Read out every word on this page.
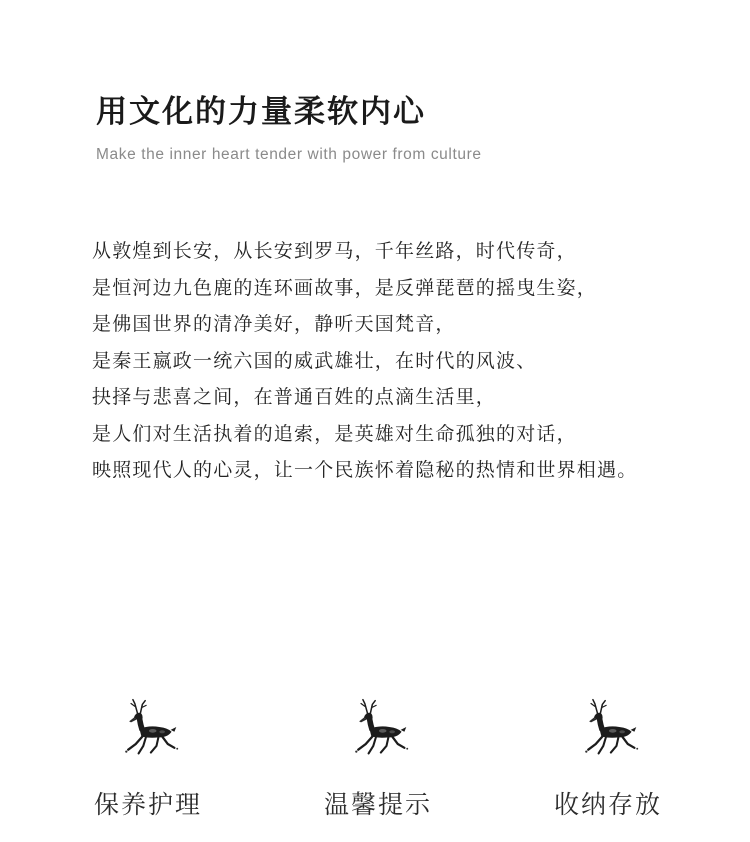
用文化的力量柔软内心
Make the inner heart tender with power from culture
从敦煌到长安，从长安到罗马，千年丝路，时代传奇，
是恒河边九色鹿的连环画故事，是反弹琵琶的摇曳生姿，
是佛国世界的清净美好，静听天国梵音，
是秦王嬴政一统六国的威武雄壮，在时代的风波、
抉择与悲喜之间，在普通百姓的点滴生活里，
是人们对生活执着的追索，是英雄对生命孤独的对话，
映照现代人的心灵，让一个民族怀着隐秘的热情和世界相遇。
保养护理	温馨提示	收纳存放
